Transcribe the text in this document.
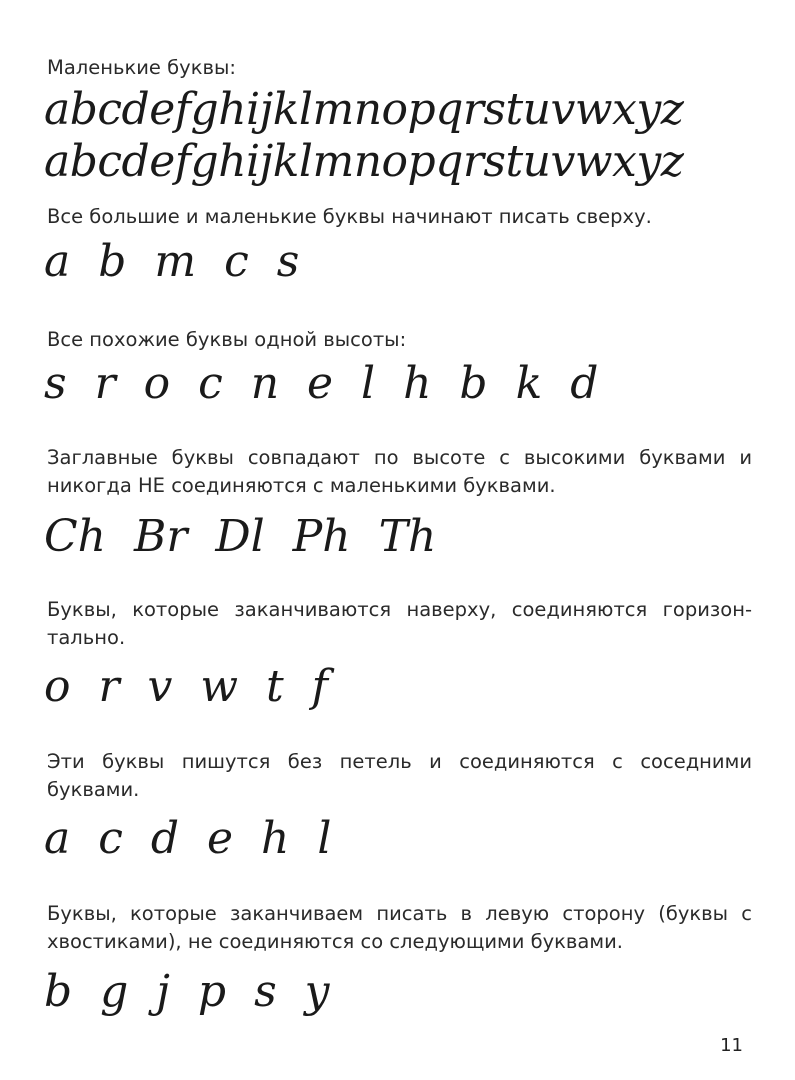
Маленькие буквы:

abcdefghijklmnopqrstuvwxyz

abcdefghijklmnopqrstuvwxyz

Все большие и маленькие буквы начинают писать сверху.

a b m c s

Все похожие буквы одной высоты:

s r o c n e l h b k d

Заглавные буквы совпадают по высоте с высокими буквами и никогда НЕ соединяются с маленькими буквами.

Ch Br Dl Ph Th

Буквы, которые заканчиваются наверху, соединяются горизон-тально.

o r v w t f

Эти буквы пишутся без петель и соединяются с соседними буквами.

a c d e h l

Буквы, которые заканчиваем писать в левую сторону (буквы с хвостиками), не соединяются со следующими буквами.

b g j p s y

11
